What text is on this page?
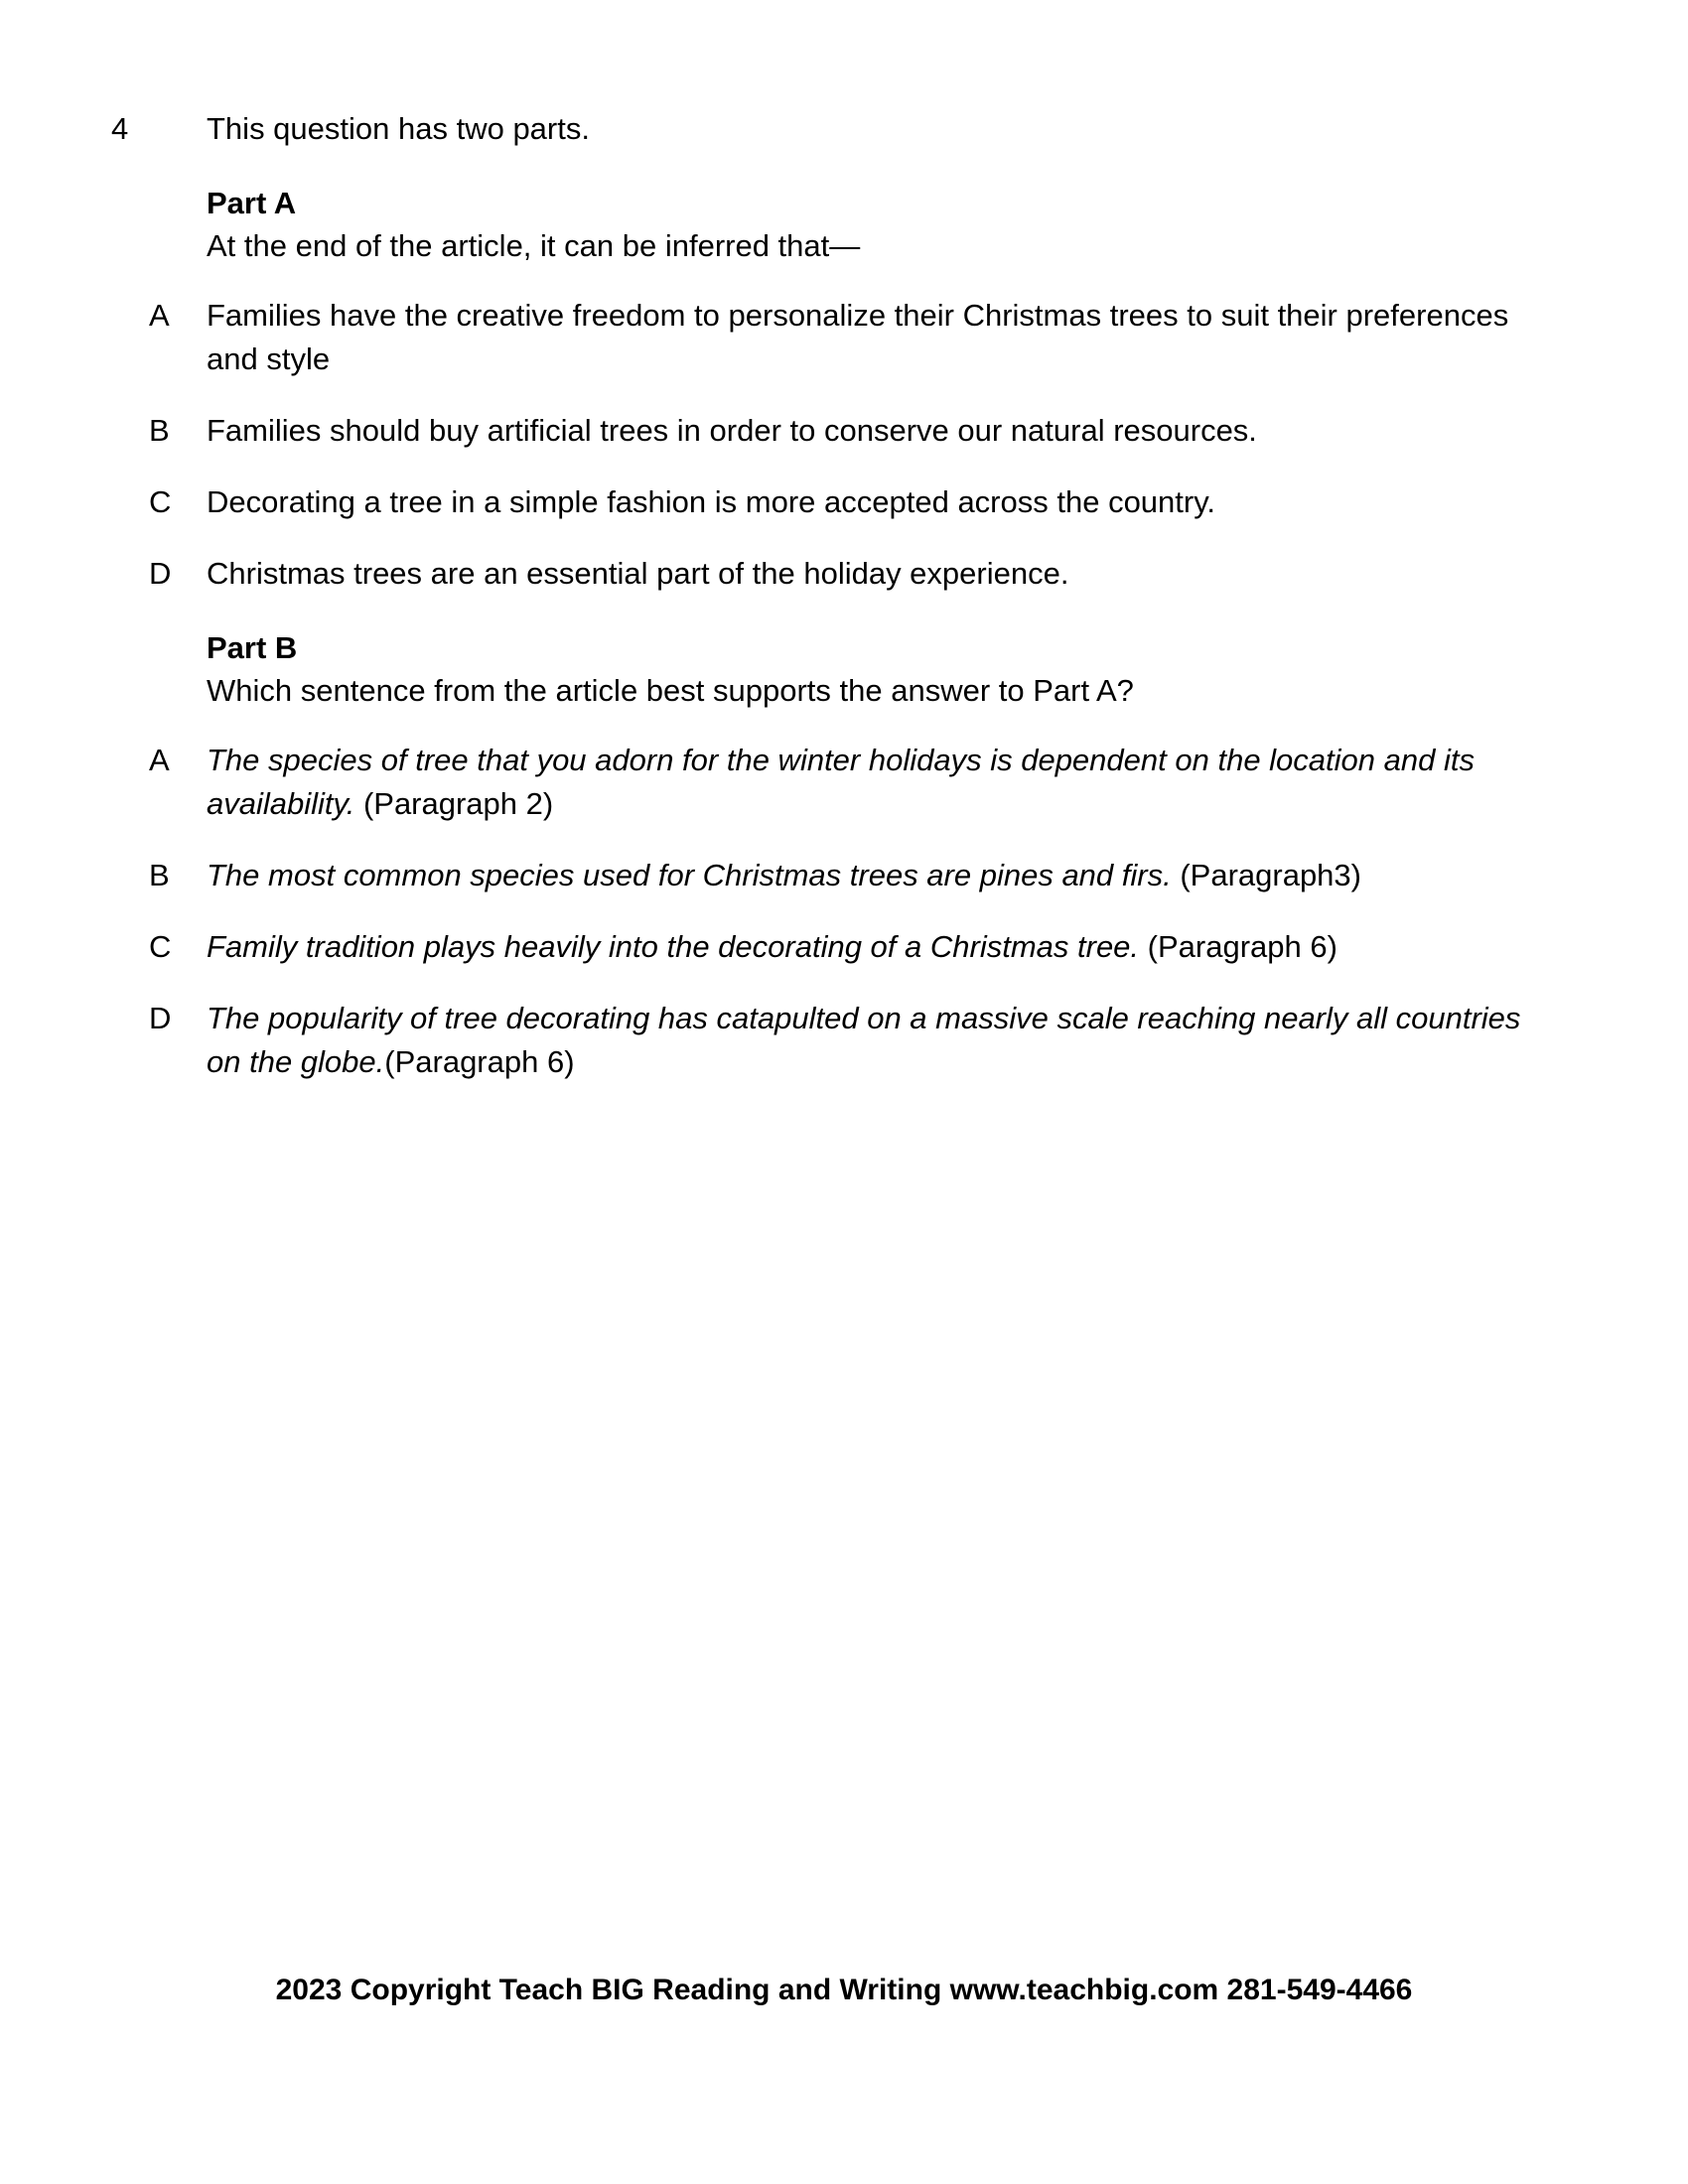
4	This question has two parts.
Part A
At the end of the article, it can be inferred that—
A	Families have the creative freedom to personalize their Christmas trees to suit their preferences and style
B	Families should buy artificial trees in order to conserve our natural resources.
C	Decorating a tree in a simple fashion is more accepted across the country.
D	Christmas trees are an essential part of the holiday experience.
Part B
Which sentence from the article best supports the answer to Part A?
A	The species of tree that you adorn for the winter holidays is dependent on the location and its availability. (Paragraph 2)
B	The most common species used for Christmas trees are pines and firs. (Paragraph3)
C	Family tradition plays heavily into the decorating of a Christmas tree. (Paragraph 6)
D	The popularity of tree decorating has catapulted on a massive scale reaching nearly all countries on the globe.(Paragraph 6)
2023 Copyright Teach BIG Reading and Writing www.teachbig.com 281-549-4466
